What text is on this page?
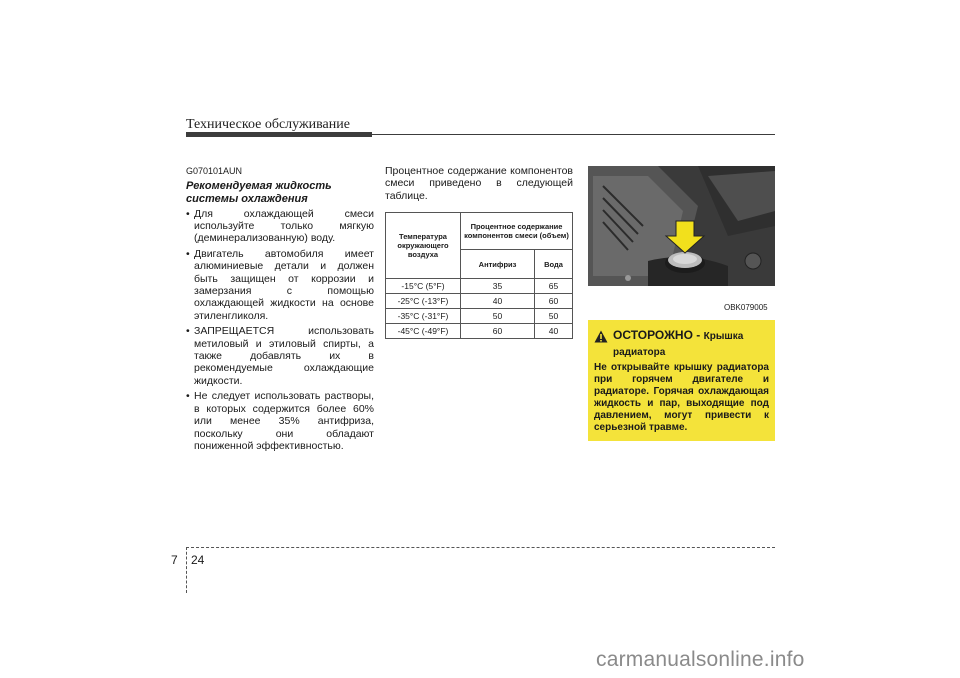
Техническое обслуживание
G070101AUN
Рекомендуемая жидкость системы охлаждения
• Для охлаждающей смеси используйте только мягкую (деминерализованную) воду.
• Двигатель автомобиля имеет алюминиевые детали и должен быть защищен от коррозии и замерзания с помощью охлаждающей жидкости на основе этиленгликоля.
• ЗАПРЕЩАЕТСЯ использовать метиловый и этиловый спирты, а также добавлять их в рекомендуемые охлаждающие жидкости.
• Не следует использовать растворы, в которых содержится более 60% или менее 35% антифриза, поскольку они обладают пониженной эффективностью.

Процентное содержание компонентов смеси приведено в следующей таблице.

Температура окружающего воздуха	Процентное содержание компонентов смеси (объем)	
	Антифриз	Вода
-15°C (5°F)	35	65
-25°C (-13°F)	40	60
-35°C (-31°F)	50	50
-45°C (-49°F)	60	40
OBK079005
ОСТОРОЖНО - Крышка радиатора
Не открывайте крышку радиатора при горячем двигателе и радиаторе. Горячая охлаждающая жидкость и пар, выходящие под давлением, могут привести к серьезной травме.
7 24
carmanualsonline.info
